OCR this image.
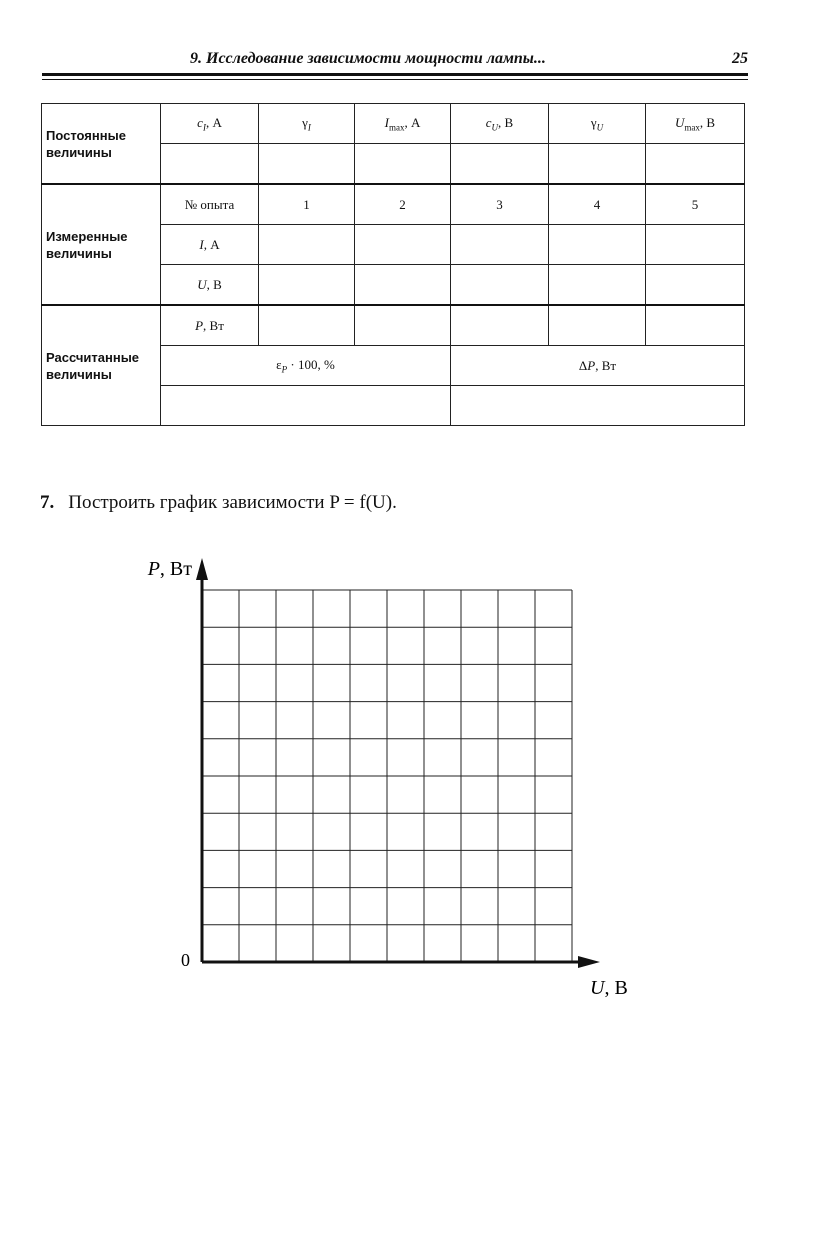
9. Исследование зависимости мощности лампы...	25
Постоянные величины	$c_I$, А	$\gamma_I$	$I_{max}$, А	$c_U$, В	$\gamma_U$	$U_{max}$, В

Измеренные величины	№ опыта	1	2	3	4	5
	I, А					
	U, В					
Рассчитанные величины	P, Вт					
	$\varepsilon_P \cdot 100$, %			ΔP, Вт		

7. Построить график зависимости P = f(U).
P, Вт
U, В
0
